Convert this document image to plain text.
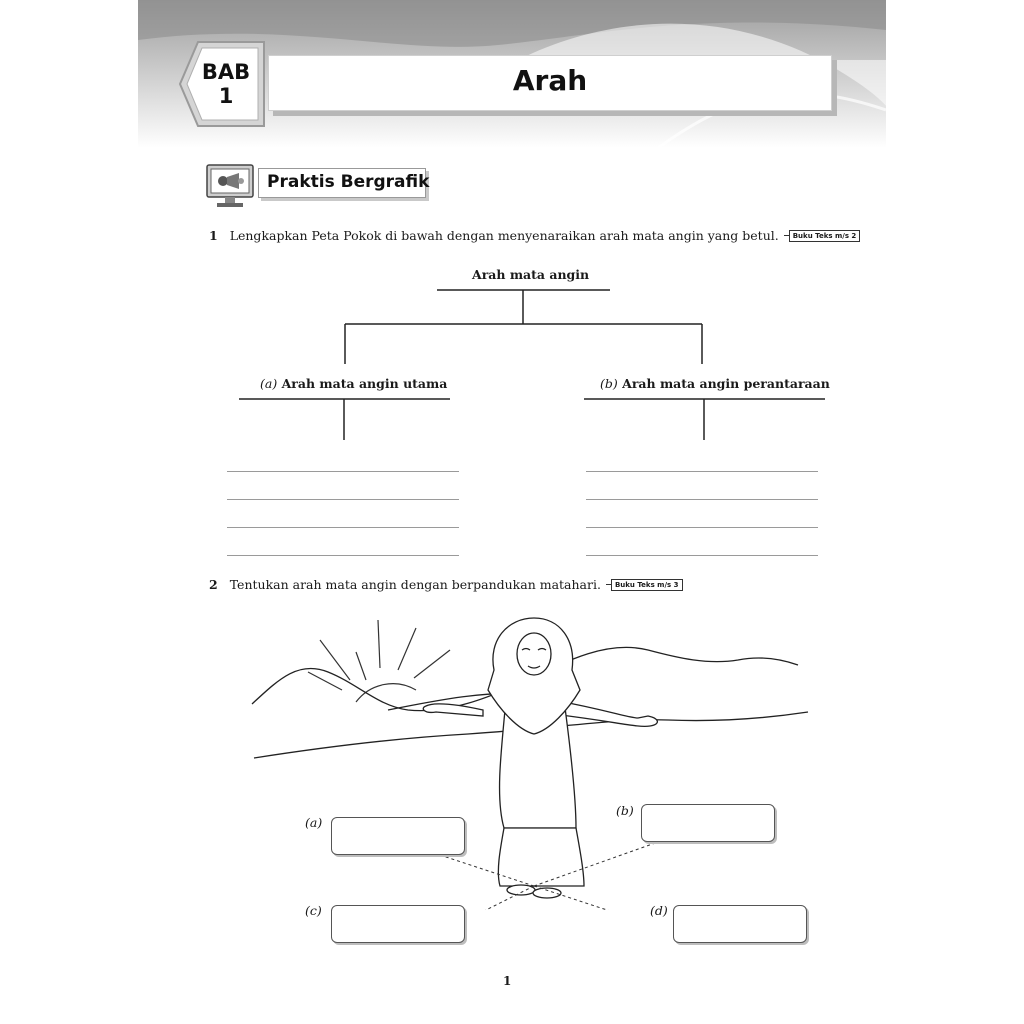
Arah
BAB
1
Praktis Bergrafik
1 Lengkapkan Peta Pokok di bawah dengan menyenaraikan arah mata angin yang betul. Buku Teks m/s 2
Arah mata angin
(a) Arah mata angin utama	(b) Arah mata angin perantaraan
2 Tentukan arah mata angin dengan berpandukan matahari. Buku Teks m/s 3
(a)
(b)
(c)	(d)
1
